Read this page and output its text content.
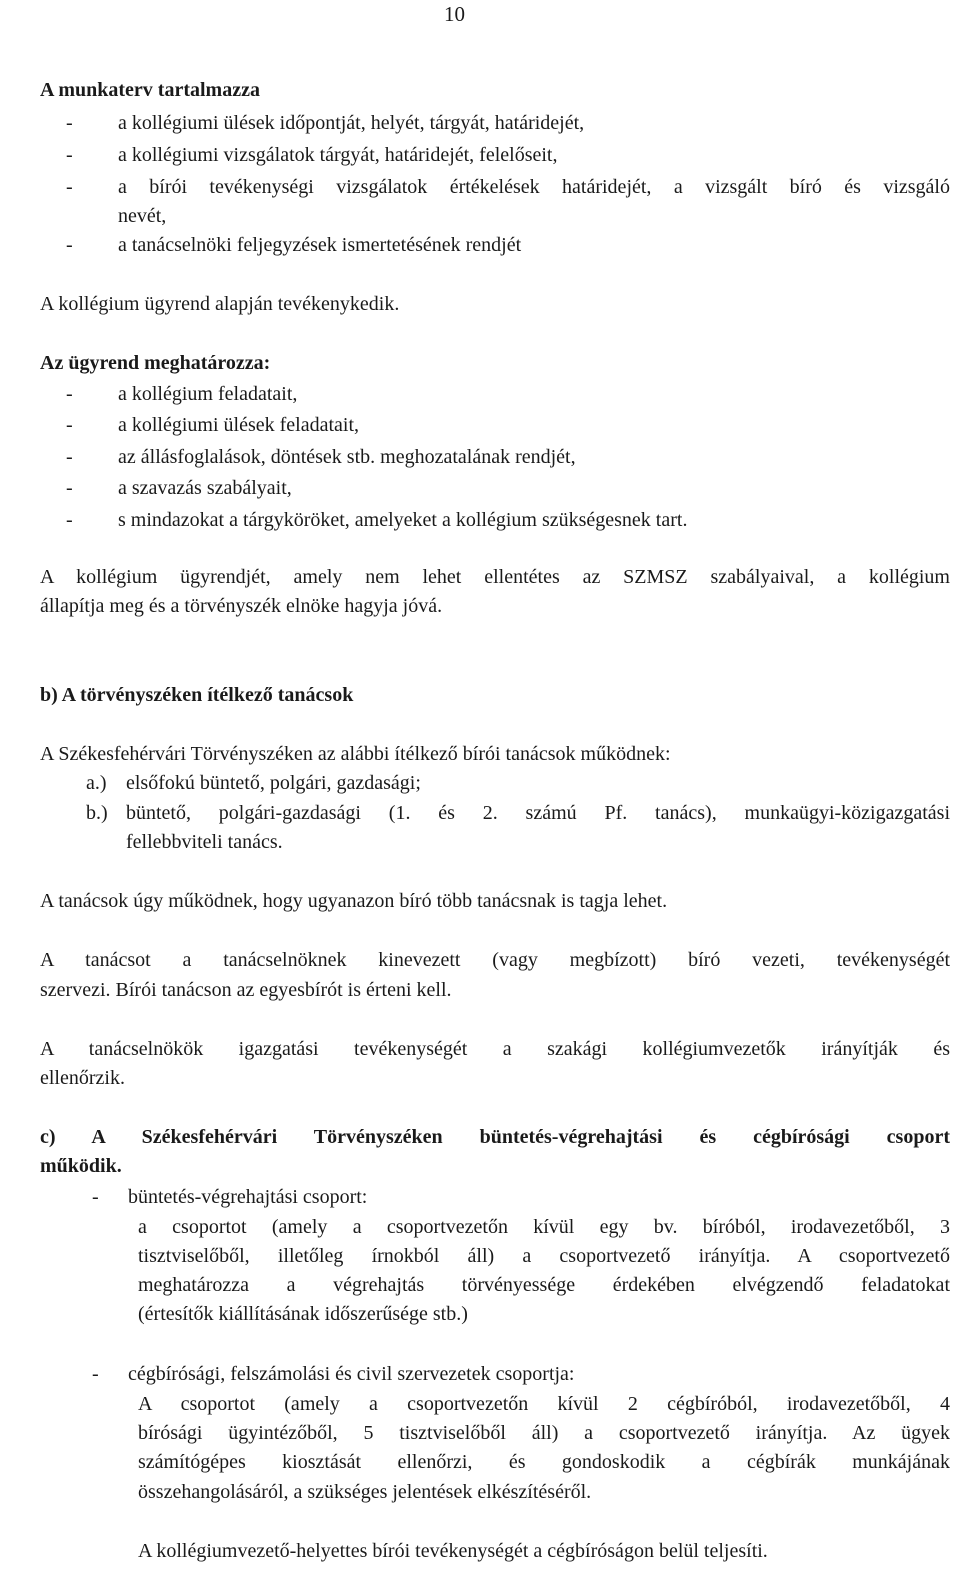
10
A munkaterv tartalmazza
- a kollégiumi ülések időpontját, helyét, tárgyát, határidejét,
- a kollégiumi vizsgálatok tárgyát, határidejét, felelőseit,
- a bírói tevékenységi vizsgálatok értékelések határidejét, a vizsgált bíró és vizsgáló
nevét,
- a tanácselnöki feljegyzések ismertetésének rendjét
A kollégium ügyrend alapján tevékenykedik.
Az ügyrend meghatározza:
- a kollégium feladatait,
- a kollégiumi ülések feladatait,
- az állásfoglalások, döntések stb. meghozatalának rendjét,
- a szavazás szabályait,
- s mindazokat a tárgyköröket, amelyeket a kollégium szükségesnek tart.
A kollégium ügyrendjét, amely nem lehet ellentétes az SZMSZ szabályaival, a kollégium
állapítja meg és a törvényszék elnöke hagyja jóvá.
b) A törvényszéken ítélkező tanácsok
A Székesfehérvári Törvényszéken az alábbi ítélkező bírói tanácsok működnek:
a.) elsőfokú büntető, polgári, gazdasági;
b.) büntető, polgári-gazdasági (1. és 2. számú Pf. tanács), munkaügyi-közigazgatási
fellebbviteli tanács.
A tanácsok úgy működnek, hogy ugyanazon bíró több tanácsnak is tagja lehet.
A tanácsot a tanácselnöknek kinevezett (vagy megbízott) bíró vezeti, tevékenységét
szervezi. Bírói tanácson az egyesbírót is érteni kell.
A tanácselnökök igazgatási tevékenységét a szakági kollégiumvezetők irányítják és
ellenőrzik.
c) A Székesfehérvári Törvényszéken büntetés-végrehajtási és cégbírósági csoport
működik.
- büntetés-végrehajtási csoport:
a csoportot (amely a csoportvezetőn kívül egy bv. bíróból, irodavezetőből, 3
tisztviselőből, illetőleg írnokból áll) a csoportvezető irányítja. A csoportvezető
meghatározza a végrehajtás törvényessége érdekében elvégzendő feladatokat
(értesítők kiállításának időszerűsége stb.)
- cégbírósági, felszámolási és civil szervezetek csoportja:
A csoportot (amely a csoportvezetőn kívül 2 cégbíróból, irodavezetőből, 4
bírósági ügyintézőből, 5 tisztviselőből áll) a csoportvezető irányítja. Az ügyek
számítógépes kiosztását ellenőrzi, és gondoskodik a cégbírák munkájának
összehangolásáról, a szükséges jelentések elkészítéséről.
A kollégiumvezető-helyettes bírói tevékenységét a cégbíróságon belül teljesíti.
